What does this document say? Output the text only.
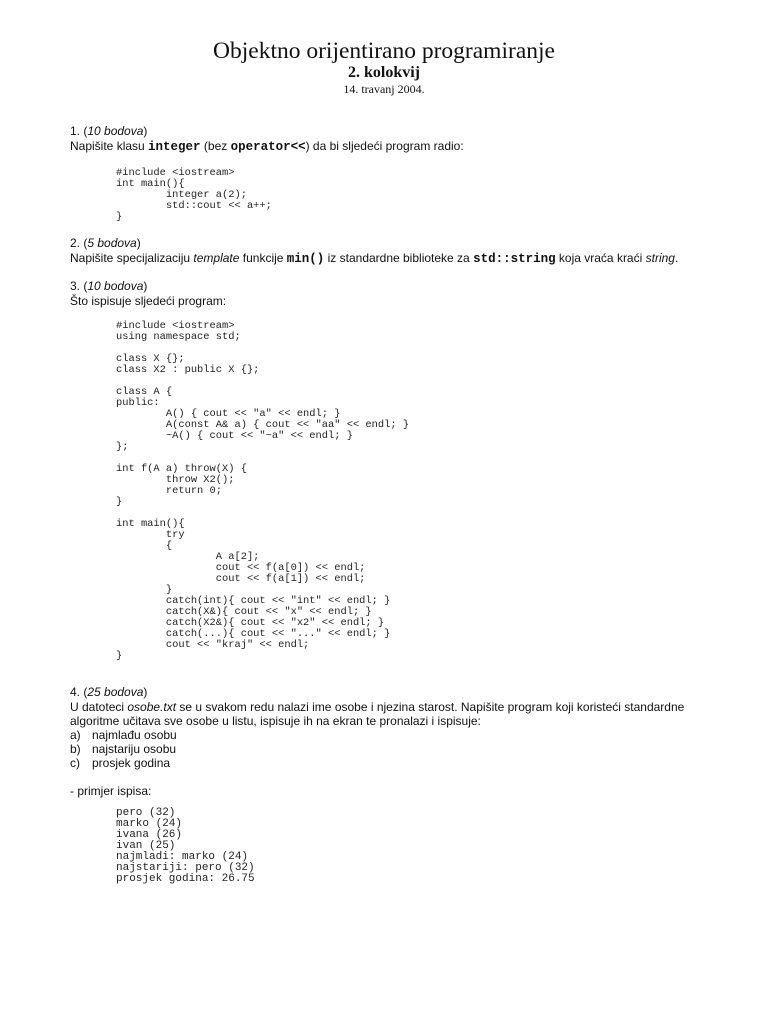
Objektno orijentirano programiranje
2. kolokvij
14. travanj 2004.
1. (10 bodova)
Napišite klasu integer (bez operator<<) da bi sljedeći program radio:
#include <iostream>
int main(){
integer a(2);
std::cout << a++;
}
2. (5 bodova)
Napišite specijalizaciju template funkcije min() iz standardne biblioteke za std::string koja vraća kraći string.
3. (10 bodova)
Što ispisuje sljedeći program:
#include <iostream>
using namespace std;

class X {};
class X2 : public X {};

class A {
public:
A() { cout << "a" << endl; }
A(const A& a) { cout << "aa" << endl; }
~A() { cout << "~a" << endl; }
};

int f(A a) throw(X) {
throw X2();
return 0;
}

int main(){
try
{
A a[2];
cout << f(a[0]) << endl;
cout << f(a[1]) << endl;
}
catch(int){ cout << "int" << endl; }
catch(X&){ cout << "x" << endl; }
catch(X2&){ cout << "x2" << endl; }
catch(...){ cout << "..." << endl; }
cout << "kraj" << endl;
}
4. (25 bodova)
U datoteci osobe.txt se u svakom redu nalazi ime osobe i njezina starost. Napišite program koji koristeći standardne
algoritme učitava sve osobe u listu, ispisuje ih na ekran te pronalazi i ispisuje:
a) najmlađu osobu
b) najstariju osobu
c) prosjek godina
- primjer ispisa:
pero (32)
marko (24)
ivana (26)
ivan (25)
najmladi: marko (24)
najstariji: pero (32)
prosjek godina: 26.75
